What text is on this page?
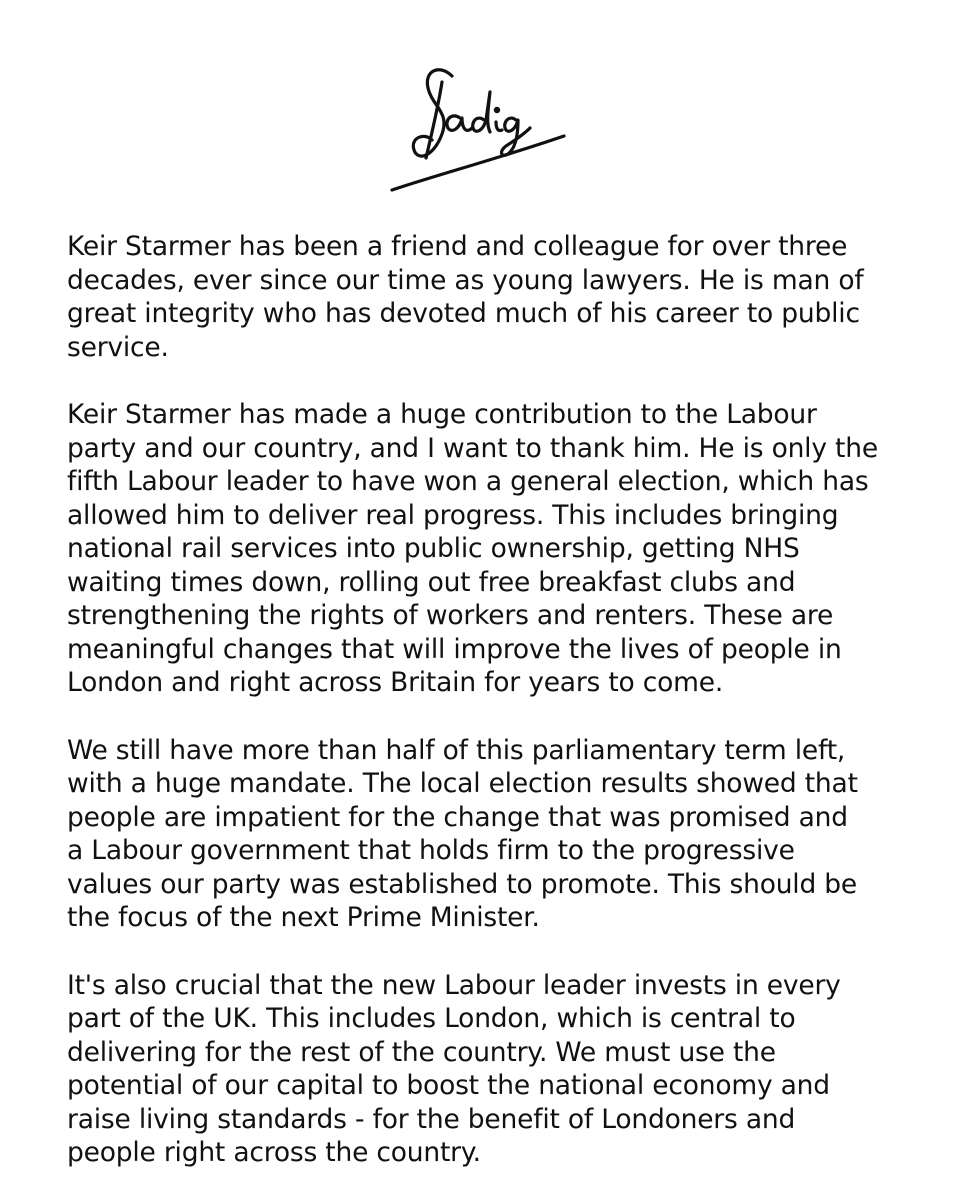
Keir Starmer has been a friend and colleague for over three
decades, ever since our time as young lawyers. He is man of
great integrity who has devoted much of his career to public
service.

Keir Starmer has made a huge contribution to the Labour
party and our country, and I want to thank him. He is only the
fifth Labour leader to have won a general election, which has
allowed him to deliver real progress. This includes bringing
national rail services into public ownership, getting NHS
waiting times down, rolling out free breakfast clubs and
strengthening the rights of workers and renters. These are
meaningful changes that will improve the lives of people in
London and right across Britain for years to come.

We still have more than half of this parliamentary term left,
with a huge mandate. The local election results showed that
people are impatient for the change that was promised and
a Labour government that holds firm to the progressive
values our party was established to promote. This should be
the focus of the next Prime Minister.

It's also crucial that the new Labour leader invests in every
part of the UK. This includes London, which is central to
delivering for the rest of the country. We must use the
potential of our capital to boost the national economy and
raise living standards - for the benefit of Londoners and
people right across the country.
